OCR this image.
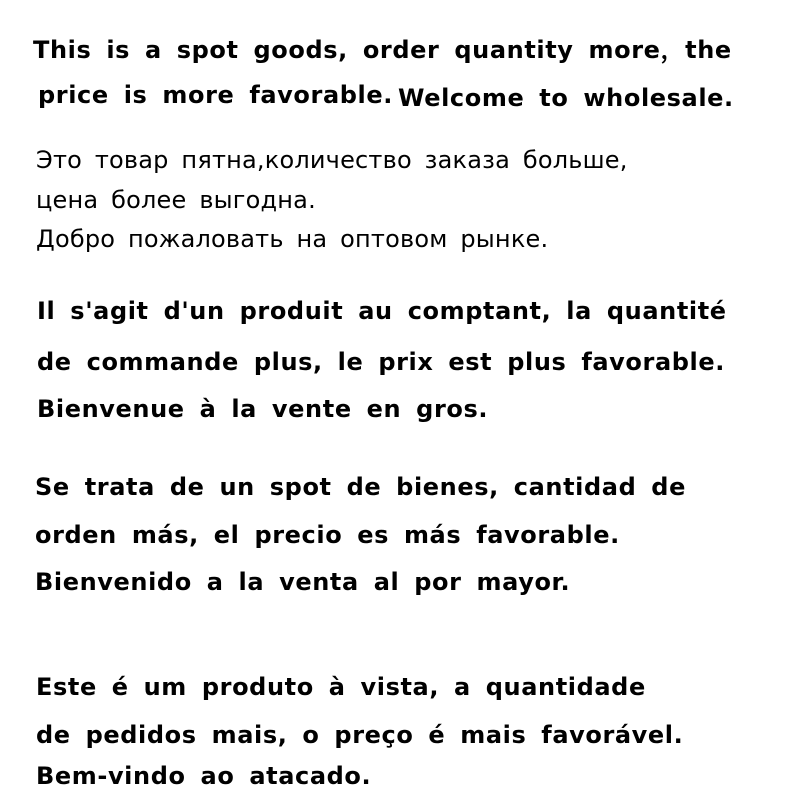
This is a spot goods, order quantity more，the

price is more favorable. Welcome to wholesale.

Это товар пятна,количество заказа больше,

цена более выгодна.

Добро пожаловать на оптовом рынке.

Il s'agit d'un produit au comptant, la quantité

de commande plus, le prix est plus favorable.

Bienvenue à la vente en gros.

Se trata de un spot de bienes, cantidad de

orden más, el precio es más favorable.

Bienvenido a la venta al por mayor.

Este é um produto à vista, a quantidade

de pedidos mais, o preço é mais favorável.

Bem-vindo ao atacado.
